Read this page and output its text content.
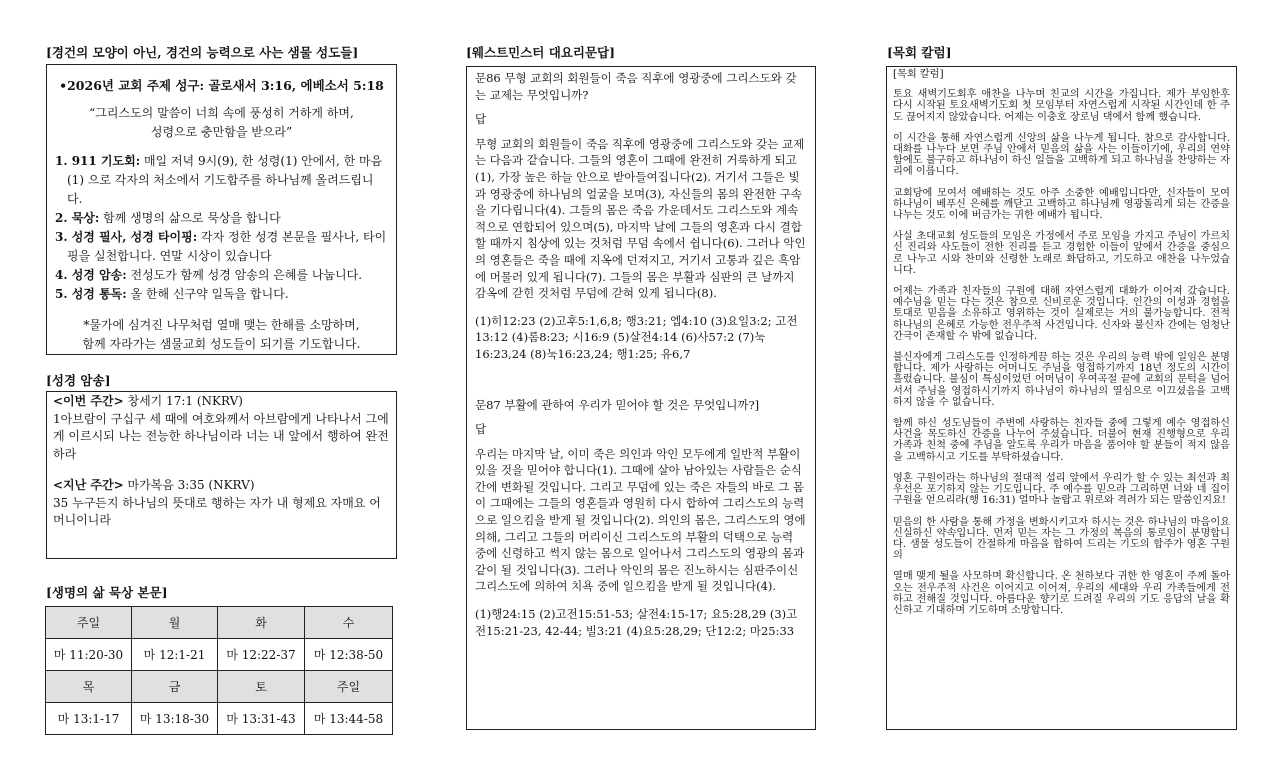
[경건의 모양이 아닌, 경건의 능력으로 사는 샘물 성도들]
•2026년 교회 주제 성구: 골로새서 3:16, 에베소서 5:18
“그리스도의 말씀이 너희 속에 풍성히 거하게 하며,
성령으로 충만함을 받으라”
1. 911 기도회: 매일 저녁 9시(9), 한 성령(1) 안에서, 한 마음(1) 으로 각자의 처소에서 기도합주를 하나님께 올려드립니다.
2. 묵상: 함께 생명의 삶으로 묵상을 합니다
3. 성경 필사, 성경 타이핑: 각자 정한 성경 본문을 필사나, 타이핑을 실천합니다. 연말 시상이 있습니다
4. 성경 암송: 전성도가 함께 성경 암송의 은혜를 나눕니다.
5. 성경 통독: 올 한해 신구약 일독을 합니다.
*물가에 심겨진 나무처럼 열매 맺는 한해를 소망하며,
함께 자라가는 샘물교회 성도들이 되기를 기도합니다.
[성경 암송]
<이번 주간> 창세기 17:1 (NKRV)
1아브람이 구십구 세 때에 여호와께서 아브람에게 나타나서 그에게 이르시되 나는 전능한 하나님이라 너는 내 앞에서 행하여 완전하라
<지난 주간> 마가복음 3:35 (NKRV)
35 누구든지 하나님의 뜻대로 행하는 자가 내 형제요 자매요 어머니이니라
[생명의 삶 묵상 본문]
주일	월	화	수
마 11:20-30	마 12:1-21	마 12:22-37	마 12:38-50
목	금	토	주일
마 13:1-17	마 13:18-30	마 13:31-43	마 13:44-58
[웨스트민스터 대요리문답]

문86 무형 교회의 회원들이 죽음 직후에 영광중에 그리스도와 갖는 교제는 무엇입니까?

답

무형 교회의 회원들이 죽음 직후에 영광중에 그리스도와 갖는 교제는 다음과 같습니다. 그들의 영혼이 그때에 완전히 거룩하게 되고(1), 가장 높은 하늘 안으로 받아들여집니다(2). 거기서 그들은 빛과 영광중에 하나님의 얼굴을 보며(3), 자신들의 몸의 완전한 구속을 기다립니다(4). 그들의 몸은 죽음 가운데서도 그리스도와 계속적으로 연합되어 있으며(5), 마지막 날에 그들의 영혼과 다시 결합할 때까지 침상에 있는 것처럼 무덤 속에서 쉽니다(6). 그러나 악인의 영혼들은 죽을 때에 지옥에 던져지고, 거기서 고통과 깊은 흑암에 머물러 있게 됩니다(7). 그들의 몸은 부활과 심판의 큰 날까지 감옥에 갇힌 것처럼 무덤에 갇혀 있게 됩니다(8).

(1)히12:23 (2)고후5:1,6,8; 행3:21; 엡4:10 (3)요일3:2; 고전13:12 (4)롬8:23; 시16:9 (5)살전4:14 (6)사57:2 (7)눅16:23,24 (8)눅16:23,24; 행1:25; 유6,7

문87 부활에 관하여 우리가 믿어야 할 것은 무엇입니까?]

답

우리는 마지막 날, 이미 죽은 의인과 악인 모두에게 일반적 부활이 있을 것을 믿어야 합니다(1). 그때에 살아 남아있는 사람들은 순식간에 변화될 것입니다. 그리고 무덤에 있는 죽은 자들의 바로 그 몸이 그때에는 그들의 영혼들과 영원히 다시 합하여 그리스도의 능력으로 일으킴을 받게 될 것입니다(2). 의인의 몸은, 그리스도의 영에 의해, 그리고 그들의 머리이신 그리스도의 부활의 덕택으로 능력 중에 신령하고 썩지 않는 몸으로 일어나서 그리스도의 영광의 몸과 같이 될 것입니다(3). 그러나 악인의 몸은 진노하시는 심판주이신 그리스도에 의하여 치욕 중에 일으킴을 받게 될 것입니다(4).

(1)행24:15 (2)고전15:51-53; 살전4:15-17; 요5:28,29 (3)고전15:21-23, 42-44; 빌3:21 (4)요5:28,29; 단12:2; 마25:33

[목회 칼럼]

[목회 칼럼]

토요 새벽기도회후 애찬을 나누며 친교의 시간을 가집니다. 제가 부임한후 다시 시작된 토요새벽기도회 첫 모임부터 자연스럽게 시작된 시간인데 한 주도 끊어지지 않았습니다. 어제는 이충호 장로님 댁에서 함께 했습니다.

이 시간을 통해 자연스럽게 신앙의 삶을 나누게 됩니다. 참으로 감사합니다. 대화를 나누다 보면 주님 안에서 믿음의 삶을 사는 이들이기에, 우리의 연약함에도 불구하고 하나님이 하신 일들을 고백하게 되고 하나님을 찬양하는 자리에 이릅니다.

교회당에 모여서 예배하는 것도 아주 소중한 예배입니다만, 신자들이 모여 하나님이 베푸신 은혜를 깨닫고 고백하고 하나님께 영광돌리게 되는 간증을 나누는 것도 이에 버금가는 귀한 예배가 됩니다.

사실 초대교회 성도들의 모임은 가정에서 주로 모임을 가지고 주님이 가르치신 진리와 사도들이 전한 진리를 듣고 경험한 이들이 앞에서 간증을 중심으로 나누고 시와 찬미와 신령한 노래로 화답하고, 기도하고 애찬을 나누었습니다.

어제는 가족과 친자들의 구원에 대해 자연스럽게 대화가 이어져 갔습니다. 예수님을 믿는 다는 것은 참으로 신비로운 것입니다. 인간의 이성과 경험을 토대로 믿음을 소유하고 영위하는 것이 실제로는 거의 불가능합니다. 전적 하나님의 은혜로 가능한 전우주적 사건입니다. 신자와 불신자 간에는 엄청난 간극이 존재할 수 밖에 없습니다.

불신자에게 그리스도를 인정하게끔 하는 것은 우리의 능력 밖에 일임은 분명합니다. 제가 사랑하는 어머니도 주님을 영접하기까지 18년 정도의 시간이 흘렀습니다. 불심이 특심이었던 어머님이 우여곡절 끝에 교회의 문턱을 넘어서서 주님을 영접하시기까지 하나님이 하나님의 열심으로 이끄셨음을 고백하지 않을 수 없습니다.

함께 하신 성도님들이 주변에 사랑하는 친자들 중에 그렇게 예수 영접하신 사건을 목도하신 간증을 나누어 주셨습니다. 더불어 현재 진행형으로 우리 가족과 친척 중에 주님을 알도록 우리가 마음을 품어야 할 분들이 적지 않음을 고백하시고 기도를 부탁하셨습니다.

영혼 구원이라는 하나님의 절대적 섭리 앞에서 우리가 할 수 있는 최선과 최우선은 포기하지 않는 기도입니다. 주 예수를 믿으라 그리하면 너와 네 집이 구원을 얻으리라(행 16:31) 얼마나 놀랍고 위로와 격려가 되는 말씀인지요!

믿음의 한 사람을 통해 가정을 변화시키고자 하시는 것은 하나님의 마음이요 신실하신 약속입니다. 먼저 믿는 자는 그 가정의 복음의 통로임이 분명합니다. 샘물 성도들이 간절하게 마음을 합하여 드리는 기도의 합주가 영혼 구원의

열매 맺게 될을 사모하며 확신합니다. 온 천하보다 귀한 한 영혼이 주께 돌아오는 전우주적 사건은 이어지고 이어져, 우리의 세대와 우리 가족들에게 전하고 전해질 것입니다. 아름다운 향기로 드려질 우리의 기도 응답의 날을 확신하고 기대하며 기도하며 소망합니다.
